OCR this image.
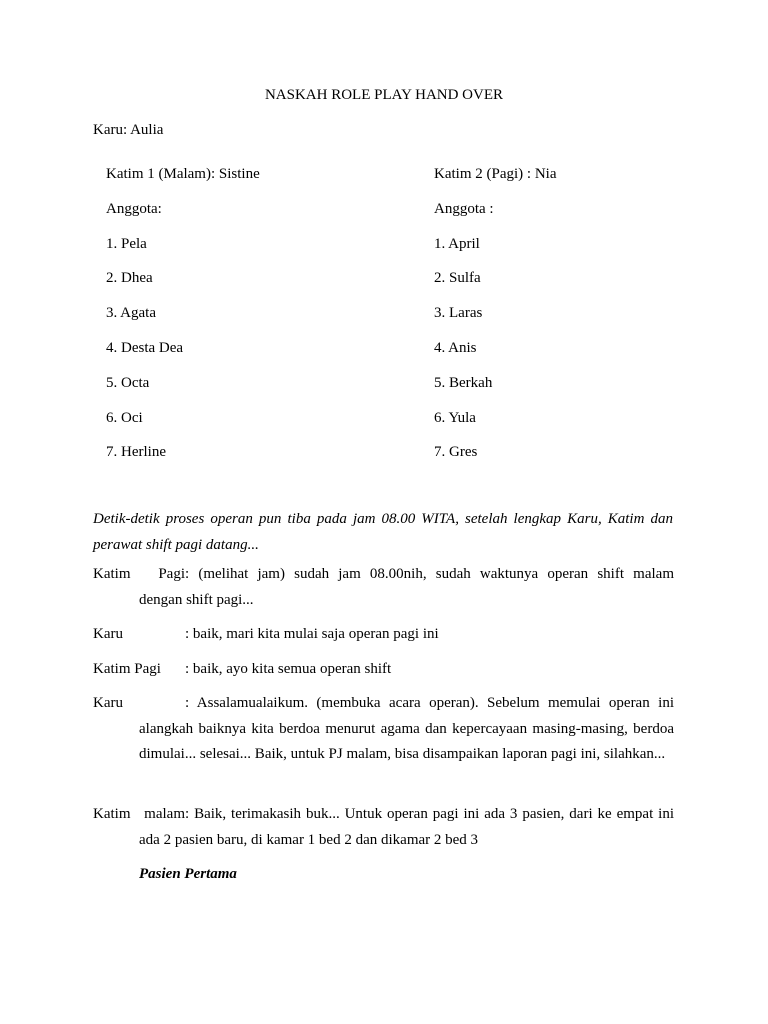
NASKAH ROLE PLAY HAND OVER
Karu: Aulia
Katim 1 (Malam): Sistine
Anggota:
1. Pela
2. Dhea
3. Agata
4. Desta Dea
5. Octa
6. Oci
7. Herline
Katim 2 (Pagi) : Nia
Anggota :
1. April
2. Sulfa
3. Laras
4. Anis
5. Berkah
6. Yula
7. Gres
Detik-detik proses operan pun tiba pada jam 08.00 WITA, setelah lengkap Karu, Katim dan perawat shift pagi datang...
Katim Pagi: (melihat jam) sudah jam 08.00nih, sudah waktunya operan shift malam
dengan shift pagi...
Karu	: baik, mari kita mulai saja operan pagi ini
Katim Pagi : baik, ayo kita semua operan shift
Karu	: Assalamualaikum. (membuka acara operan). Sebelum memulai operan ini
alangkah baiknya kita berdoa menurut agama dan kepercayaan masing-masing, berdoa dimulai... selesai... Baik, untuk PJ malam, bisa disampaikan laporan pagi ini, silahkan...
Katim malam: Baik, terimakasih buk... Untuk operan pagi ini ada 3 pasien, dari ke empat ini
ada 2 pasien baru, di kamar 1 bed 2 dan dikamar 2 bed 3
Pasien Pertama
